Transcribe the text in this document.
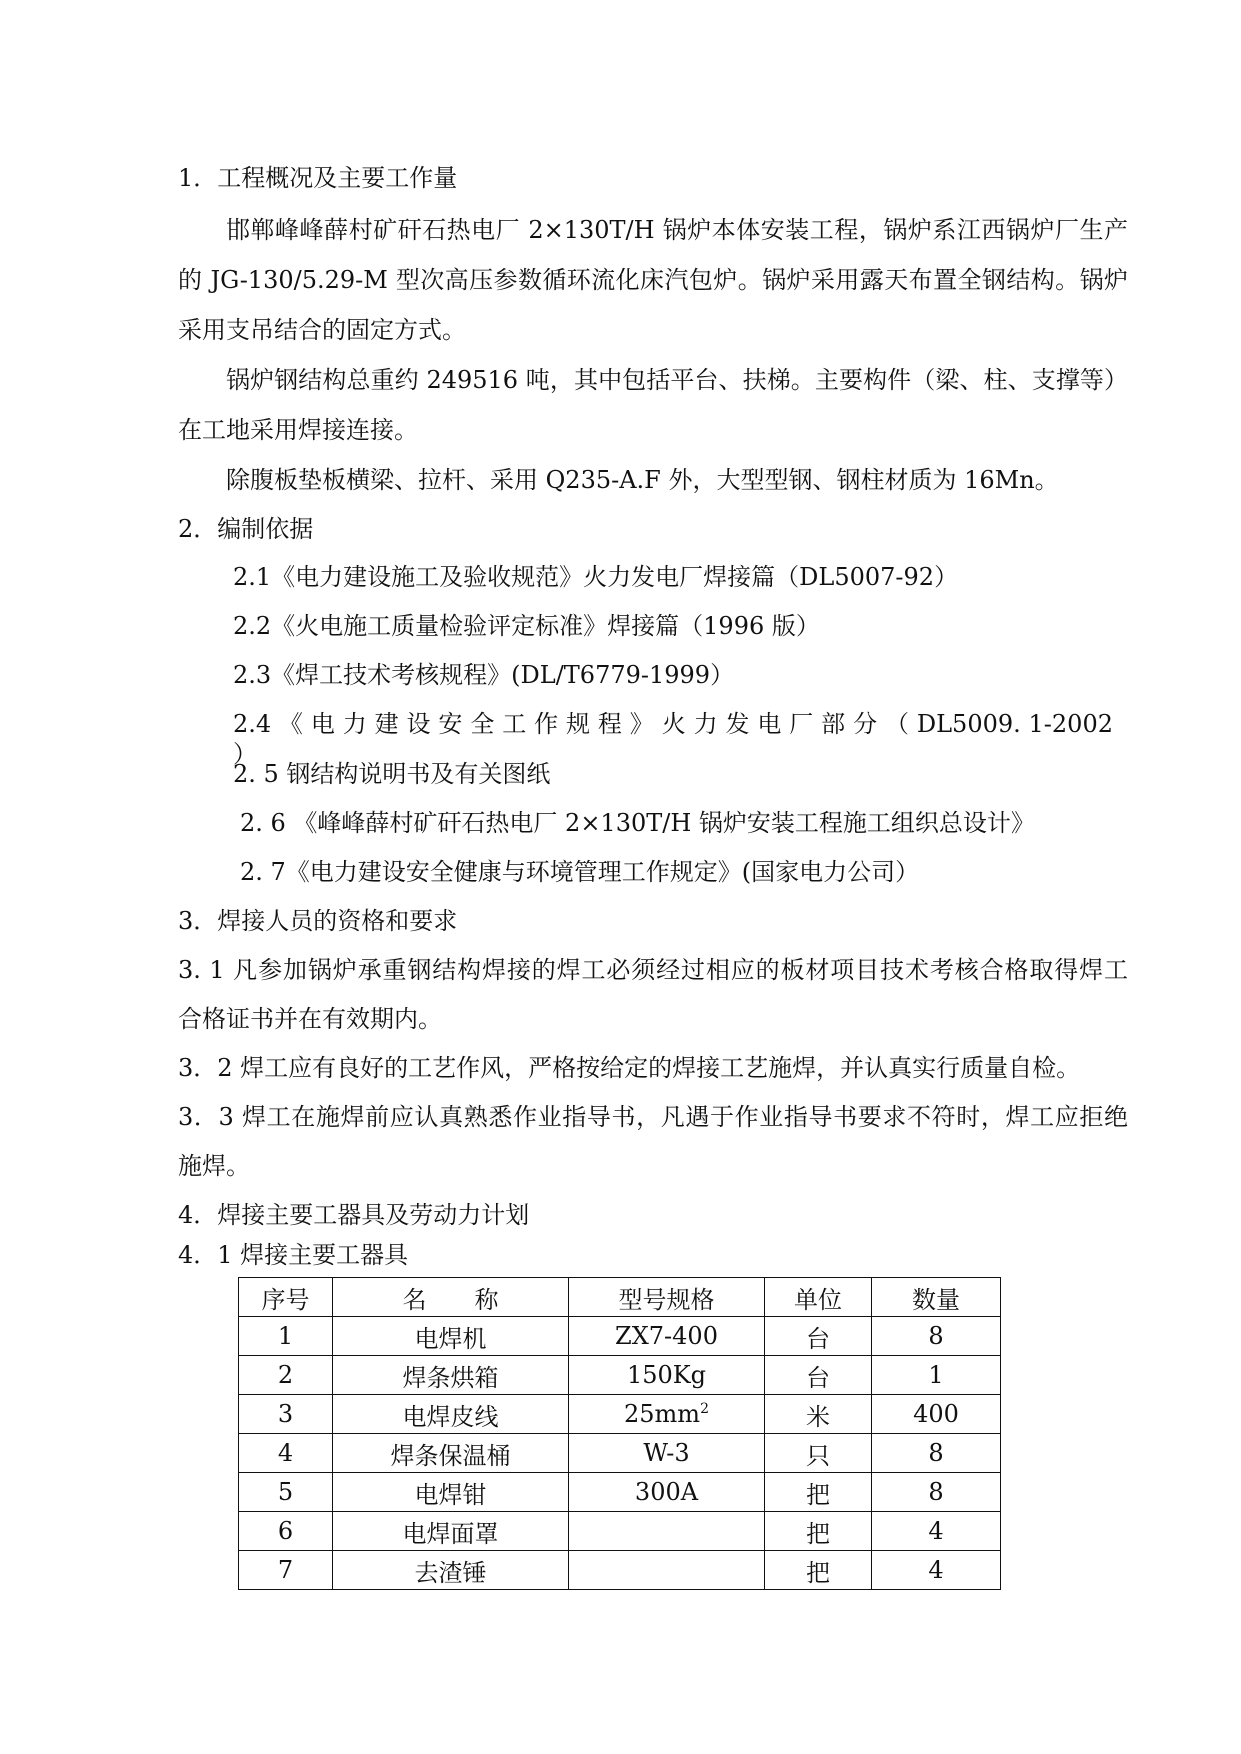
1．工程概况及主要工作量
邯郸峰峰薛村矿矸石热电厂 2×130T/H 锅炉本体安装工程，锅炉系江西锅炉厂生产
的 JG-130/5.29-M 型次高压参数循环流化床汽包炉。锅炉采用露天布置全钢结构。锅炉
采用支吊结合的固定方式。
锅炉钢结构总重约 249516 吨，其中包括平台、扶梯。主要构件（梁、柱、支撑等）
在工地采用焊接连接。
除腹板垫板横梁、拉杆、采用 Q235-A.F 外，大型型钢、钢柱材质为 16Mn。
2．编制依据
2.1《电力建设施工及验收规范》火力发电厂焊接篇（DL5007-92）
2.2《火电施工质量检验评定标准》焊接篇（1996 版）
2.3《焊工技术考核规程》(DL/T6779-1999）
2.4 《 电 力 建 设 安 全 工 作 规 程 》 火 力 发 电 厂 部 分 （ DL5009. 1-2002 ）
2. 5 钢结构说明书及有关图纸
2. 6 《峰峰薛村矿矸石热电厂 2×130T/H 锅炉安装工程施工组织总设计》
2. 7《电力建设安全健康与环境管理工作规定》(国家电力公司）
3．焊接人员的资格和要求
3. 1 凡参加锅炉承重钢结构焊接的焊工必须经过相应的板材项目技术考核合格取得焊工
合格证书并在有效期内。
3．2 焊工应有良好的工艺作风，严格按给定的焊接工艺施焊，并认真实行质量自检。
3．3 焊工在施焊前应认真熟悉作业指导书，凡遇于作业指导书要求不符时，焊工应拒绝
施焊。
4．焊接主要工器具及劳动力计划
4．1 焊接主要工器具
序号	名　　称	型号规格	单位	数量
1	电焊机	ZX7-400	台	8
2	焊条烘箱	150Kg	台	1
3	电焊皮线	$25mm^2$	米	400
4	焊条保温桶	W-3	只	8
5	电焊钳	300A	把	8
6	电焊面罩		把	4
7	去渣锤		把	4
